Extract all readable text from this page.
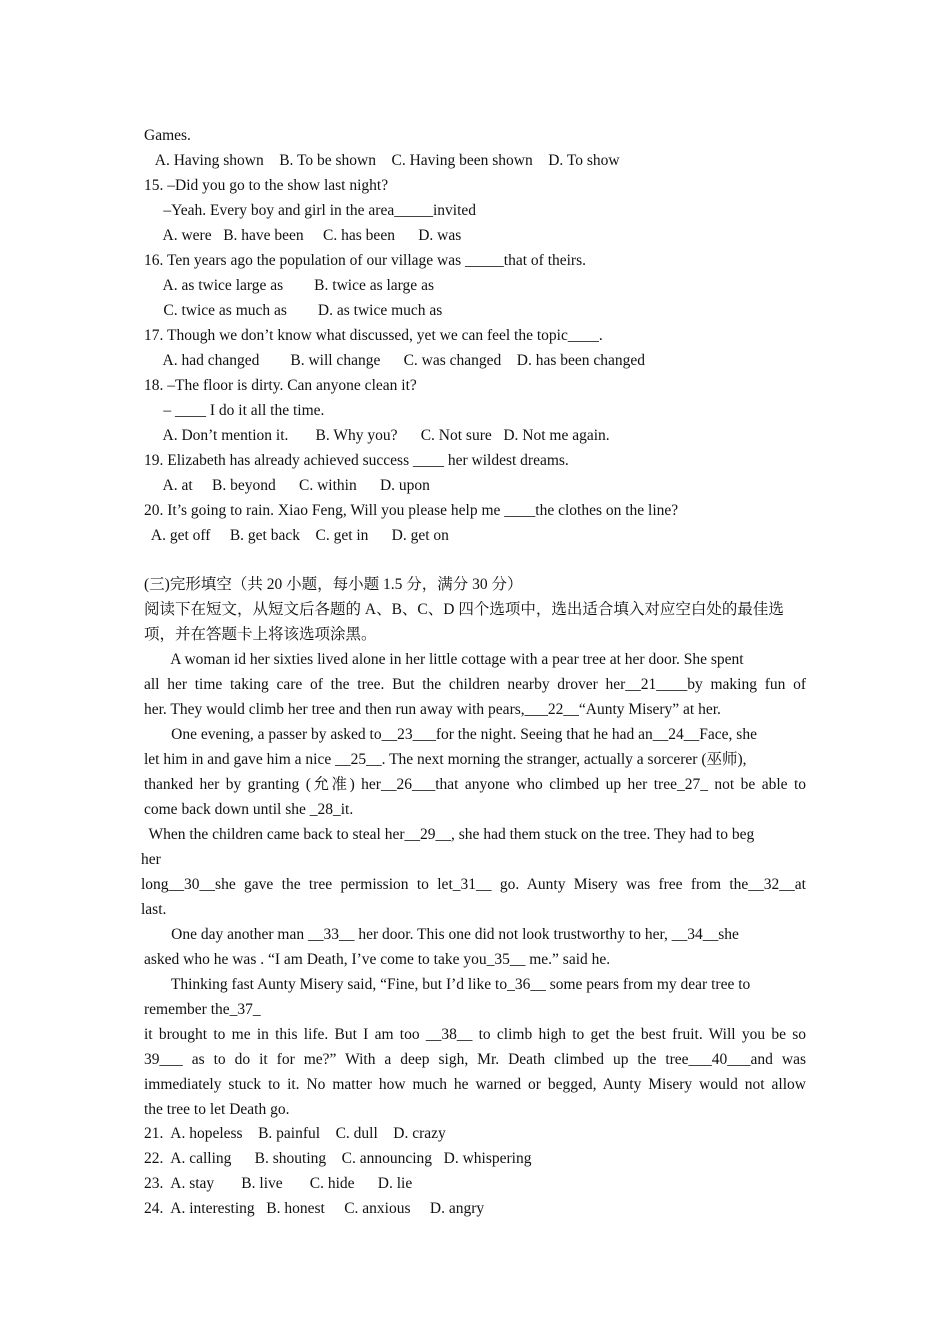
Games.
A. Having shown    B. To be shown    C. Having been shown    D. To show
15. –Did you go to the show last night?
–Yeah. Every boy and girl in the area_____invited
A. were   B. have been     C. has been      D. was
16. Ten years ago the population of our village was _____that of theirs.
A. as twice large as        B. twice as large as
C. twice as much as        D. as twice much as
17. Though we don’t know what discussed, yet we can feel the topic____.
A. had changed        B. will change      C. was changed    D. has been changed
18. –The floor is dirty. Can anyone clean it?
– ____ I do it all the time.
A. Don’t mention it.       B. Why you?      C. Not sure   D. Not me again.
19. Elizabeth has already achieved success ____ her wildest dreams.
A. at     B. beyond      C. within      D. upon
20. It’s going to rain. Xiao Feng, Will you please help me ____the clothes on the line?
A. get off     B. get back    C. get in      D. get on
(三)完形填空（共 20 小题，每小题 1.5 分，满分 30 分）
阅读下在短文，从短文后各题的 A、B、C、D 四个选项中，选出适合填入对应空白处的最佳选
项，并在答题卡上将该选项涂黑。
A woman id her sixties lived alone in her little cottage with a pear tree at her door. She spent
all her time taking care of the tree. But the children nearby drover her__21____by making fun of
her. They would climb her tree and then run away with pears,___22__“Aunty Misery” at her.
One evening, a passer by asked to__23___for the night. Seeing that he had an__24__Face, she
let him in and gave him a nice __25__. The next morning the stranger, actually a sorcerer (巫师),
thanked her by granting (允准) her__26___that anyone who climbed up her tree_27_ not be able to
come back down until she _28_it.
When the children came back to steal her__29__, she had them stuck on the tree. They had to beg
her
long__30__she gave the tree permission to let_31__ go. Aunty Misery was free from the__32__at
last.
One day another man __33__ her door. This one did not look trustworthy to her, __34__she
asked who he was . “I am Death, I’ve come to take you_35__ me.” said he.
Thinking fast Aunty Misery said, “Fine, but I’d like to_36__ some pears from my dear tree to
remember the_37_
it brought to me in this life. But I am too __38__ to climb high to get the best fruit. Will you be so
39___ as to do it for me?” With a deep sigh, Mr. Death climbed up the tree___40___and was
immediately stuck to it. No matter how much he warned or begged, Aunty Misery would not allow
the tree to let Death go.
21.  A. hopeless    B. painful    C. dull    D. crazy
22.  A. calling      B. shouting    C. announcing   D. whispering
23.  A. stay       B. live       C. hide      D. lie
24.  A. interesting   B. honest     C. anxious     D. angry
